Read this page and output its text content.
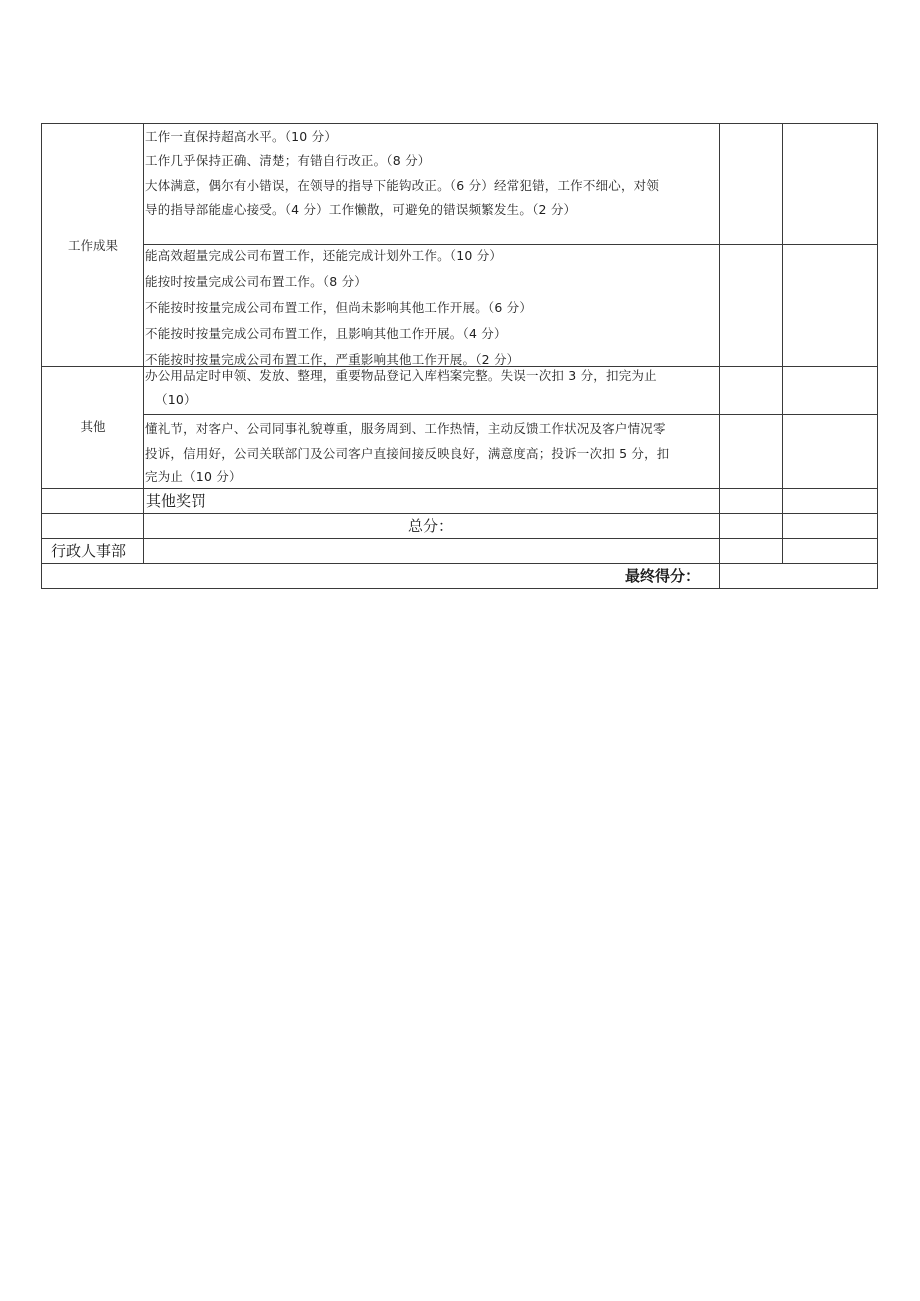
工作成果
其他
工作一直保持超高水平。（10 分）
工作几乎保持正确、清楚；有错自行改正。（8 分）
大体满意，偶尔有小错误，在领导的指导下能钩改正。（6 分）经常犯错，工作不细心，对领
导的指导部能虚心接受。（4 分）工作懒散，可避免的错误频繁发生。（2 分）
能高效超量完成公司布置工作，还能完成计划外工作。（10 分）
能按时按量完成公司布置工作。（8 分）
不能按时按量完成公司布置工作，但尚未影响其他工作开展。（6 分）
不能按时按量完成公司布置工作，且影响其他工作开展。（4 分）
不能按时按量完成公司布置工作，严重影响其他工作开展。（2 分）
办公用品定时申领、发放、整理，重要物品登记入库档案完整。失误一次扣 3 分，扣完为止
（10）
懂礼节，对客户、公司同事礼貌尊重，服务周到、工作热情，主动反馈工作状况及客户情况零
投诉，信用好，公司关联部门及公司客户直接间接反映良好，满意度高；投诉一次扣 5 分，扣
完为止（10 分）
其他奖罚
总分：
行政人事部
最终得分：
